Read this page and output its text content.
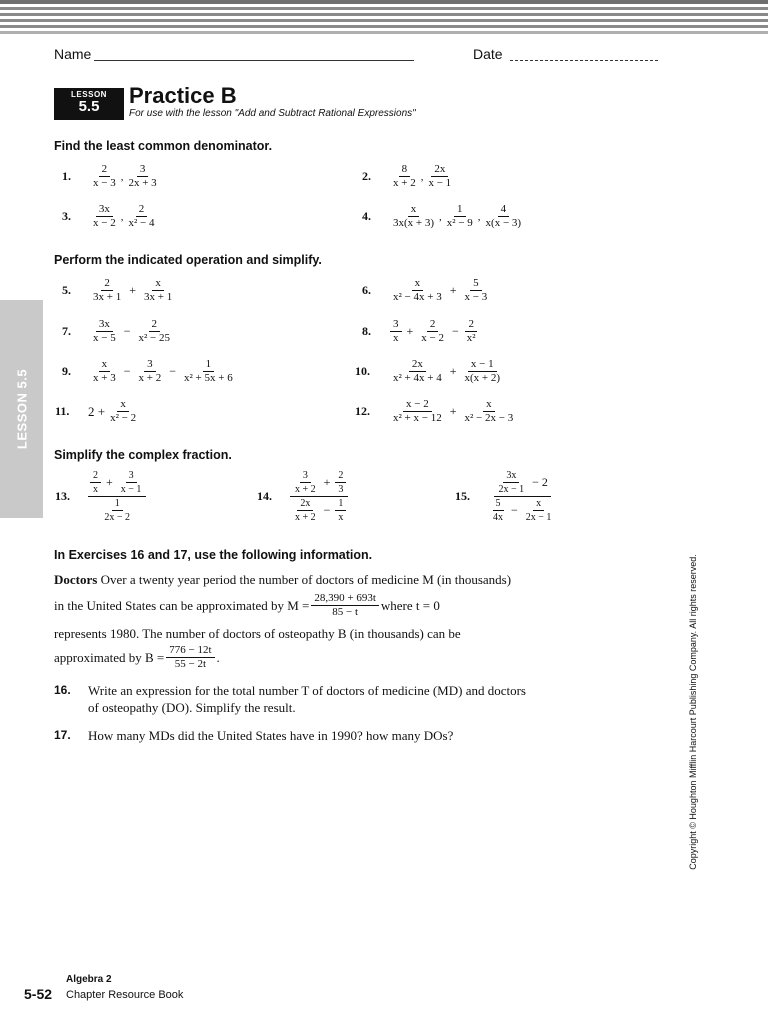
Name	Date
LESSON
5.5	Practice B
For use with the lesson "Add and Subtract Rational Expressions"
Find the least common denominator.
1.	$\frac{2}{x - 3}$ , $\frac{3}{2x + 3}$	2.	$\frac{8}{x + 2}$ , $\frac{2x}{x - 1}$
3.	$\frac{3x}{x - 2}$ , $\frac{2}{\text{x² − 4}}$	4.	$\frac{x}{3x(x + 3)}$ , $\frac{1}{\text{x² − 9}}$ , $\frac{4}{x(x - 3)}$
Perform the indicated operation and simplify.
5.	$\frac{2}{3x + 1} + \frac{x}{3x + 1}$	6.	$\frac{x}{\text{x² − 4x + 3}} + \frac{5}{x - 3}$
7.	$\frac{3x}{x - 5} - \frac{2}{\text{x² − 25}}$	8.	$\frac{3}{x} + \frac{2}{x - 2} - \frac{2}{\text{x²}}$
9.	$\frac{x}{x + 3} - \frac{3}{x + 2} - \frac{1}{\text{x² + 5x + 6}}$	10.	$\frac{2x}{\text{x² + 4x + 4}} + \frac{x - 1}{x(x + 2)}$
11.	$2 + \frac{x}{\text{x² − 2}}$	12.	$\frac{x - 2}{\text{x² + x − 12}} + \frac{x}{\text{x² − 2x − 3}}$
Simplify the complex fraction.
13.
$\frac{2}{x} + \frac{3}{x - 1}$
$\frac{1}{2x - 2}$
14.
$\frac{3}{x + 2} + \frac{2}{3}$
$\frac{2x}{x + 2} - \frac{1}{x}$
15.
$\frac{3x}{2x - 1} - 2$
$\frac{5}{4x} - \frac{x}{2x - 1}$
LESSON 5.5
In Exercises 16 and 17, use the following information.
Doctors Over a twenty year period the number of doctors of medicine M (in thousands)
in the United States can be approximated by $M = \frac{28,390 + 693t}{85 - t}$ where t = 0
represents 1980. The number of doctors of osteopathy B (in thousands) can be
approximated by $B = \frac{776 - 12t}{55 - 2t}$ .
16. Write an expression for the total number T of doctors of medicine (MD) and doctors
of osteopathy (DO). Simplify the result.
17. How many MDs did the United States have in 1990? how many DOs?	Copyright © Houghton Mifflin Harcourt Publishing Company. All rights reserved.
5-52
Algebra 2
Chapter Resource Book
